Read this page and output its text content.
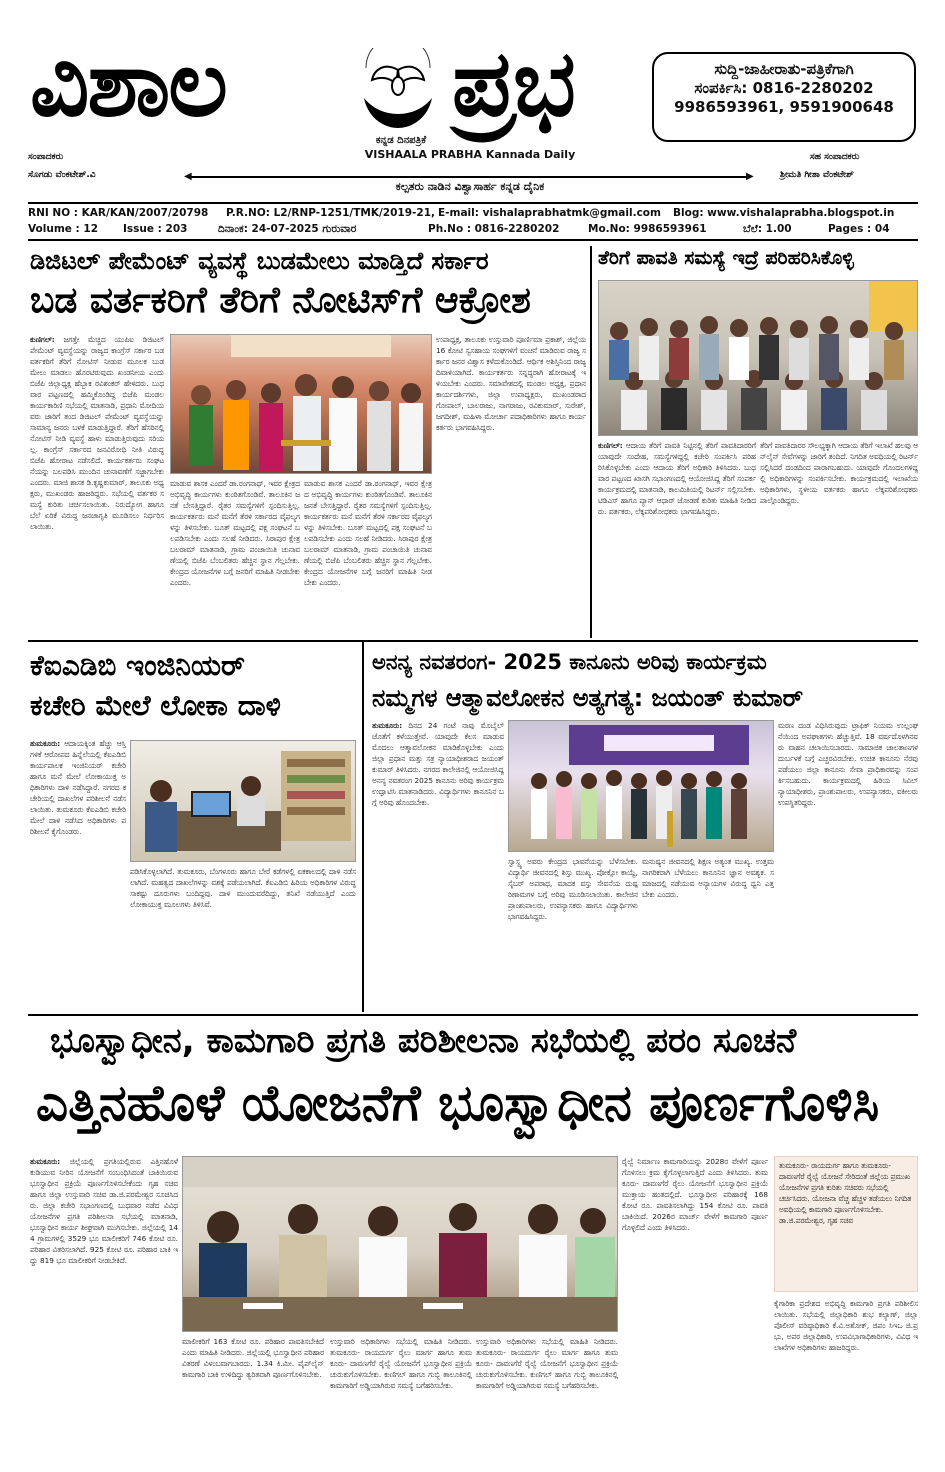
ವಿಶಾಲ
ಕನ್ನಡ ದಿನಪತ್ರಿಕೆ
ಪ್ರಭ	ಸುದ್ದಿ-ಜಾಹೀರಾತು-ಪತ್ರಿಕೆಗಾಗಿ
ಸಂಪರ್ಕಿಸಿ: 0816-2280202
9986593961, 9591900648
VISHAALA PRABHA Kannada Daily
ಸಂಪಾದಕರು
ಸೊಗಡು ವೆಂಕಟೇಶ್.ವಿ
ಸಹ ಸಂಪಾದಕರು
ಶ್ರೀಮತಿ ಗೀತಾ ವೆಂಕಟೇಶ್
◀	▶
ಕಲ್ಪತರು ನಾಡಿನ ವಿಶ್ವಾಸಾರ್ಹ ಕನ್ನಡ ದೈನಿಕ
RNI NO : KAR/KAN/2007/20798 P.R.NO: L2/RNP-1251/TMK/2019-21, E-mail: vishalaprabhatmk@gmail.com Blog: www.vishalaprabha.blogspot.in
Volume : 12 Issue : 203	ದಿನಾಂಕ: 24-07-2025 ಗುರುವಾರ	Ph.No : 0816-2280202	Mo.No: 9986593961	ಬೆಲೆ: 1.00	Pages : 04
ಡಿಜಿಟಲ್ ಪೇಮೆಂಟ್ ವ್ಯವಸ್ಥೆ ಬುಡಮೇಲು ಮಾಡ್ತಿದೆ ಸರ್ಕಾರ
ಬಡ ವರ್ತಕರಿಗೆ ತೆರಿಗೆ ನೋಟಿಸ್‌ಗೆ ಆಕ್ರೋಶ
ಕುಣಿಗಲ್: ಜಗತ್ತೇ ಮೆಚ್ಚಿದ ಯುಪಿಐ ಡಿಜಿಟಲ್ ಪೇಮೆಂಟ್ ವ್ಯವಸ್ಥೆಯನ್ನು ರಾಜ್ಯದ ಕಾಂಗ್ರೆಸ್ ಸರ್ಕಾರ ಬಡ ವರ್ತಕರಿಗೆ ತೆರಿಗೆ ನೋಟಿಸ್ ನೀಡುವ ಮೂಲಕ ಬುಡಮೇಲು ಮಾಡಲು ಹೊರಟಿರುವುದು ಖಂಡನೀಯ ಎಂದು ಬಿಜೆಪಿ ಜಿಲ್ಲಾಧ್ಯಕ್ಷ ಹೆಬ್ಬಾಕ ರವಿಶಂಕರ್ ಹೇಳಿದರು. ಬುಧವಾರ ಪಟ್ಟಣದಲ್ಲಿ ಹಮ್ಮಿಕೊಂಡಿದ್ದ ಬಿಜೆಪಿ ಮಂಡಲ ಕಾರ್ಯಕಾರಿಣಿ ಸಭೆಯಲ್ಲಿ ಮಾತನಾಡಿ, ಪ್ರಧಾನಿ ಮೋದಿಯವರು ಜಾರಿಗೆ ತಂದ ಡಿಜಿಟಲ್ ಪೇಮೆಂಟ್ ವ್ಯವಸ್ಥೆಯನ್ನು ಸಾಮಾನ್ಯ ಜನರು ಬಳಕೆ ಮಾಡುತ್ತಿದ್ದಾರೆ. ತೆರಿಗೆ ಹೆಸರಿನಲ್ಲಿ ನೋಟಿಸ್ ನೀಡಿ ವ್ಯವಸ್ಥೆ ಹಾಳು ಮಾಡುತ್ತಿರುವುದು ಸರಿಯಲ್ಲ. ಕಾಂಗ್ರೆಸ್ ಸರ್ಕಾರದ ಜನವಿರೋಧಿ ನೀತಿ ವಿರುದ್ಧ ಬಿಜೆಪಿ ಹೋರಾಟ ನಡೆಸಲಿದೆ. ಕಾರ್ಯಕರ್ತರು ಸಂಘಟನೆಯನ್ನು ಬಲಪಡಿಸಿ ಮುಂದಿನ ಚುನಾವಣೆಗೆ ಸಜ್ಜಾಗಬೇಕು ಎಂದರು. ಮಾಜಿ ಶಾಸಕ ಡಿ.ಕೃಷ್ಣಕುಮಾರ್, ತಾಲೂಕು ಅಧ್ಯಕ್ಷರು, ಮುಖಂಡರು ಹಾಜರಿದ್ದರು. ಸಭೆಯಲ್ಲಿ ವರ್ತಕರ ಸಮಸ್ಯೆ ಕುರಿತು ಚರ್ಚಿಸಲಾಯಿತು. ನಿರುದ್ಯೋಗ ಹಾಗೂ ಬೆಲೆ ಏರಿಕೆ ವಿರುದ್ಧ ಜನಜಾಗೃತಿ ಮೂಡಿಸಲು ನಿರ್ಧರಿಸಲಾಯಿತು.
ಮಾಡುವ ಶಾಸಕ ಎಂದರೆ ಡಾ.ರಂಗನಾಥ್, ಇವರ ಕ್ಷೇತ್ರದ ಅಭಿವೃದ್ಧಿ ಕಾರ್ಯಗಳು ಕುಂಠಿತಗೊಂಡಿವೆ. ತಾಲೂಕಿನ ಜನತೆ ಬೇಸತ್ತಿದ್ದಾರೆ. ರೈತರ ಸಮಸ್ಯೆಗಳಿಗೆ ಸ್ಪಂದಿಸುತ್ತಿಲ್ಲ. ಕಾರ್ಯಕರ್ತರು ಮನೆ ಮನೆಗೆ ತೆರಳಿ ಸರ್ಕಾರದ ವೈಫಲ್ಯಗಳನ್ನು ತಿಳಿಸಬೇಕು. ಬೂತ್ ಮಟ್ಟದಲ್ಲಿ ಪಕ್ಷ ಸಂಘಟನೆ ಬಲಪಡಿಸಬೇಕು ಎಂದು ಸಲಹೆ ನೀಡಿದರು. ಸಿರಾಪುರ ಕ್ಷೇತ್ರ ಬಲರಾಮ್ ಮಾತನಾಡಿ, ಗ್ರಾಮ ಪಂಚಾಯಿತಿ ಚುನಾವಣೆಯಲ್ಲಿ ಬಿಜೆಪಿ ಬೆಂಬಲಿತರು ಹೆಚ್ಚಿನ ಸ್ಥಾನ ಗೆಲ್ಲಬೇಕು. ಕೇಂದ್ರದ ಯೋಜನೆಗಳ ಬಗ್ಗೆ ಜನರಿಗೆ ಮಾಹಿತಿ ನೀಡಬೇಕು ಎಂದರು.
ಮಾಡುವ ಶಾಸಕ ಎಂದರೆ ಡಾ.ರಂಗನಾಥ್, ಇವರ ಕ್ಷೇತ್ರದ ಅಭಿವೃದ್ಧಿ ಕಾರ್ಯಗಳು ಕುಂಠಿತಗೊಂಡಿವೆ. ತಾಲೂಕಿನ ಜನತೆ ಬೇಸತ್ತಿದ್ದಾರೆ. ರೈತರ ಸಮಸ್ಯೆಗಳಿಗೆ ಸ್ಪಂದಿಸುತ್ತಿಲ್ಲ. ಕಾರ್ಯಕರ್ತರು ಮನೆ ಮನೆಗೆ ತೆರಳಿ ಸರ್ಕಾರದ ವೈಫಲ್ಯಗಳನ್ನು ತಿಳಿಸಬೇಕು. ಬೂತ್ ಮಟ್ಟದಲ್ಲಿ ಪಕ್ಷ ಸಂಘಟನೆ ಬಲಪಡಿಸಬೇಕು ಎಂದು ಸಲಹೆ ನೀಡಿದರು. ಸಿರಾಪುರ ಕ್ಷೇತ್ರ ಬಲರಾಮ್ ಮಾತನಾಡಿ, ಗ್ರಾಮ ಪಂಚಾಯಿತಿ ಚುನಾವಣೆಯಲ್ಲಿ ಬಿಜೆಪಿ ಬೆಂಬಲಿತರು ಹೆಚ್ಚಿನ ಸ್ಥಾನ ಗೆಲ್ಲಬೇಕು. ಕೇಂದ್ರದ ಯೋಜನೆಗಳ ಬಗ್ಗೆ ಜನರಿಗೆ ಮಾಹಿತಿ ನೀಡಬೇಕು ಎಂದರು.
ಉಪಾಧ್ಯಕ್ಷ, ತಾಲೂಕು ಉಸ್ತುವಾರಿ ಪೂರ್ಣಿಮಾ ಪ್ರಕಾಶ್, ಜಿಲ್ಲೆಯ 16 ಕೋಟಿ ಸ್ವಸಹಾಯ ಸಂಘಗಳಿಗೆ ವಂಚನೆ ಮಾಡಿರುವ ರಾಜ್ಯ ಸರ್ಕಾರ ಜನರ ವಿಶ್ವಾಸ ಕಳೆದುಕೊಂಡಿದೆ. ಆರ್ಥಿಕ ಅಶಿಸ್ತಿನಿಂದ ರಾಜ್ಯ ದಿವಾಳಿಯಾಗಿದೆ. ಕಾರ್ಯಕರ್ತರು ಸನ್ನದ್ಧರಾಗಿ ಹೋರಾಟಕ್ಕೆ ಇಳಿಯಬೇಕು ಎಂದರು. ಸಮಾವೇಶದಲ್ಲಿ ಮಂಡಲ ಅಧ್ಯಕ್ಷ, ಪ್ರಧಾನ ಕಾರ್ಯದರ್ಶಿಗಳು, ಜಿಲ್ಲಾ ಉಪಾಧ್ಯಕ್ಷರು, ಮುಖಂಡರಾದ ಗೋಪಾಲ್, ಬಾಲರಾಜು, ನಾಗರಾಜು, ರವಿಕುಮಾರ್, ಸುರೇಶ್, ಜಗದೀಶ್, ಮಹಿಳಾ ಮೋರ್ಚಾ ಪದಾಧಿಕಾರಿಗಳು ಹಾಗೂ ಕಾರ್ಯಕರ್ತರು ಭಾಗವಹಿಸಿದ್ದರು.
ತೆರಿಗೆ ಪಾವತಿ ಸಮಸ್ಯೆ ಇದ್ರೆ ಪರಿಹರಿಸಿಕೊಳ್ಳಿ
ಕುಣಿಗಲ್: ಆದಾಯ ತೆರಿಗೆ ಪಾವತಿ ನಿಟ್ಟಿನಲ್ಲಿ ತೆರಿಗೆ ಪಾವತಿದಾರರಿಗೆ ಯಾವುದೇ ಸಂದೇಹ, ಸಮಸ್ಯೆಗಳಿದ್ದಲ್ಲಿ ಕಚೇರಿ ಸಂಪರ್ಕಿಸಿ ಪರಿಹರಿಸಿಕೊಳ್ಳಬೇಕು ಎಂದು ಆದಾಯ ತೆರಿಗೆ ಅಧಿಕಾರಿ ತಿಳಿಸಿದರು. ಬುಧವಾರ ಪಟ್ಟಣದ ಖಾಸಗಿ ಸಭಾಂಗಣದಲ್ಲಿ ಆಯೋಜಿಸಿದ್ದ ತೆರಿಗೆ ಸಂಪರ್ಕ ಕಾರ್ಯಕ್ರಮದಲ್ಲಿ ಮಾತನಾಡಿ, ಕಾಲಮಿತಿಯಲ್ಲಿ ರಿಟರ್ನ್ ಸಲ್ಲಿಸಬೇಕು. ಟಿಡಿಎಸ್ ಹಾಗೂ ಪ್ಯಾನ್ ಆಧಾರ್ ಜೋಡಣೆ ಕುರಿತು ಮಾಹಿತಿ ನೀಡಿದರು. ವರ್ತಕರು, ಲೆಕ್ಕಪರಿಶೋಧಕರು ಭಾಗವಹಿಸಿದ್ದರು.
ತೆರಿಗೆ ಪಾವತಿದಾರರ ಸೌಲಭ್ಯಕ್ಕಾಗಿ ಆದಾಯ ತೆರಿಗೆ ಇಲಾಖೆ ಹಲವು ಆನ್‌ಲೈನ್ ಸೇವೆಗಳನ್ನು ಜಾರಿಗೆ ತಂದಿದೆ. ನಿಗದಿತ ಅವಧಿಯಲ್ಲಿ ರಿಟರ್ನ್ ಸಲ್ಲಿಸಿದರೆ ದಂಡದಿಂದ ಪಾರಾಗಬಹುದು. ಯಾವುದೇ ಗೊಂದಲಗಳಿದ್ದಲ್ಲಿ ಅಧಿಕಾರಿಗಳನ್ನು ಸಂಪರ್ಕಿಸಬೇಕು. ಕಾರ್ಯಕ್ರಮದಲ್ಲಿ ಇಲಾಖೆಯ ಅಧಿಕಾರಿಗಳು, ಸ್ಥಳೀಯ ವರ್ತಕರು ಹಾಗೂ ಲೆಕ್ಕಪರಿಶೋಧಕರು ಪಾಲ್ಗೊಂಡಿದ್ದರು.
ಕೆಐಎಡಿಬಿ ಇಂಜಿನಿಯರ್
ಕಚೇರಿ ಮೇಲೆ ಲೋಕಾ ದಾಳಿ
ತುಮಕೂರು: ಆದಾಯಕ್ಕಿಂತ ಹೆಚ್ಚು ಆಸ್ತಿ ಗಳಿಕೆ ಆರೋಪದ ಹಿನ್ನೆಲೆಯಲ್ಲಿ ಕೆಐಎಡಿಬಿ ಕಾರ್ಯಪಾಲಕ ಇಂಜಿನಿಯರ್ ಕಚೇರಿ ಹಾಗೂ ಮನೆ ಮೇಲೆ ಲೋಕಾಯುಕ್ತ ಅಧಿಕಾರಿಗಳು ದಾಳಿ ನಡೆಸಿದ್ದಾರೆ. ನಗರದ ಕಚೇರಿಯಲ್ಲಿ ದಾಖಲೆಗಳ ಪರಿಶೀಲನೆ ನಡೆಸಲಾಯಿತು. ತುಮಕೂರು ಕೆಐಎಡಿಬಿ ಕಚೇರಿ ಮೇಲೆ ದಾಳಿ ನಡೆಸಿದ ಅಧಿಕಾರಿಗಳು ಪರಿಶೀಲನೆ ಕೈಗೊಂಡರು.
ಪಡಿಸಿಕೊಳ್ಳಲಾಗಿದೆ. ತುಮಕೂರು, ಬೆಂಗಳೂರು ಹಾಗೂ ಬೇರೆ ಕಡೆಗಳಲ್ಲಿ ಏಕಕಾಲದಲ್ಲಿ ದಾಳಿ ನಡೆಸಲಾಗಿದೆ. ಮಹತ್ವದ ದಾಖಲೆಗಳನ್ನು ವಶಕ್ಕೆ ಪಡೆಯಲಾಗಿದೆ. ಕೆಐಎಡಿಬಿ ಹಿರಿಯ ಅಧಿಕಾರಿಗಳ ವಿರುದ್ಧ ಸಾಕಷ್ಟು ದೂರುಗಳು ಬಂದಿದ್ದವು. ದಾಳಿ ಮುಂದುವರೆದಿದ್ದು, ತನಿಖೆ ನಡೆಯುತ್ತಿದೆ ಎಂದು ಲೋಕಾಯುಕ್ತ ಮೂಲಗಳು ತಿಳಿಸಿವೆ.
ಅನನ್ಯ ನವತರಂಗ- 2025 ಕಾನೂನು ಅರಿವು ಕಾರ್ಯಕ್ರಮ
ನಮ್ಮಗಳ ಆತ್ಮಾವಲೋಕನ ಅತ್ಯಗತ್ಯ: ಜಯಂತ್ ಕುಮಾರ್
ತುಮಕೂರು: ದಿನದ 24 ಗಂಟೆ ನಾವು ಮೊಬೈಲ್ ಜೊತೆಗೆ ಕಳೆಯುತ್ತೇವೆ. ಯಾವುದೇ ಕೆಲಸ ಮಾಡುವ ಮೊದಲು ಆತ್ಮಾವಲೋಕನ ಮಾಡಿಕೊಳ್ಳಬೇಕು ಎಂದು ಜಿಲ್ಲಾ ಪ್ರಧಾನ ಮತ್ತು ಸತ್ರ ನ್ಯಾಯಾಧೀಶರಾದ ಜಯಂತ್ ಕುಮಾರ್ ತಿಳಿಸಿದರು. ನಗರದ ಕಾಲೇಜಿನಲ್ಲಿ ಆಯೋಜಿಸಿದ್ದ ಅನನ್ಯ ನವತರಂಗ 2025 ಕಾನೂನು ಅರಿವು ಕಾರ್ಯಕ್ರಮ ಉದ್ಘಾಟಿಸಿ ಮಾತನಾಡಿದರು. ವಿದ್ಯಾರ್ಥಿಗಳು ಕಾನೂನಿನ ಬಗ್ಗೆ ಅರಿವು ಹೊಂದಬೇಕು.
ಸ್ವಾಸ್ಥ್ಯ ಅವರು ಕೇಂದ್ರದ ಭಾವನೆಯನ್ನು ಬೆಳೆಸಬೇಕು. ವಿದ್ಯಾರ್ಥಿ ಜೀವನದಲ್ಲಿ ಶಿಸ್ತು ಮುಖ್ಯ. ಪೋಕ್ಸೋ ಕಾಯ್ದೆ, ಸೈಬರ್ ಅಪರಾಧ, ಮಾದಕ ವಸ್ತು ಸೇವನೆಯ ದುಷ್ಪರಿಣಾಮಗಳ ಬಗ್ಗೆ ಅರಿವು ಮೂಡಿಸಲಾಯಿತು. ಕಾಲೇಜಿನ ಪ್ರಾಂಶುಪಾಲರು, ಉಪನ್ಯಾಸಕರು ಹಾಗೂ ವಿದ್ಯಾರ್ಥಿಗಳು ಭಾಗವಹಿಸಿದ್ದರು.
ಮನುಷ್ಯನ ಜೀವನದಲ್ಲಿ ಶಿಕ್ಷಣ ಅತ್ಯಂತ ಮುಖ್ಯ. ಉತ್ತಮ ನಾಗರಿಕರಾಗಿ ಬೆಳೆಯಲು ಕಾನೂನಿನ ಜ್ಞಾನ ಅವಶ್ಯಕ. ಸಮಾಜದಲ್ಲಿ ನಡೆಯುವ ಅನ್ಯಾಯಗಳ ವಿರುದ್ಧ ಧ್ವನಿ ಎತ್ತಬೇಕು ಎಂದರು.
ಮರಣ ದಂಡ ವಿಧಿಸಿರುವುದು ಟ್ರಾಫಿಕ್ ನಿಯಮ ಉಲ್ಲಂಘನೆಯಿಂದ ಅಪಘಾತಗಳು ಹೆಚ್ಚುತ್ತಿವೆ. 18 ವರ್ಷದೊಳಗಿನವರು ವಾಹನ ಚಲಾಯಿಸಬಾರದು. ಸಾಮಾಜಿಕ ಜಾಲತಾಣಗಳ ದುರ್ಬಳಕೆ ಬಗ್ಗೆ ಎಚ್ಚರವಿರಬೇಕು. ಉಚಿತ ಕಾನೂನು ನೆರವು ಪಡೆಯಲು ಜಿಲ್ಲಾ ಕಾನೂನು ಸೇವಾ ಪ್ರಾಧಿಕಾರವನ್ನು ಸಂಪರ್ಕಿಸಬಹುದು. ಕಾರ್ಯಕ್ರಮದಲ್ಲಿ ಹಿರಿಯ ಸಿವಿಲ್ ನ್ಯಾಯಾಧೀಶರು, ಪ್ರಾಂಶುಪಾಲರು, ಉಪನ್ಯಾಸಕರು, ವಕೀಲರು ಉಪಸ್ಥಿತರಿದ್ದರು.
ಭೂಸ್ವಾಧೀನ, ಕಾಮಗಾರಿ ಪ್ರಗತಿ ಪರಿಶೀಲನಾ ಸಭೆಯಲ್ಲಿ ಪರಂ ಸೂಚನೆ
ಎತ್ತಿನಹೊಳೆ ಯೋಜನೆಗೆ ಭೂಸ್ವಾಧೀನ ಪೂರ್ಣಗೊಳಿಸಿ
ತುಮಕೂರು: ಜಿಲ್ಲೆಯಲ್ಲಿ ಪ್ರಗತಿಯಲ್ಲಿರುವ ಎತ್ತಿನಹೊಳೆ ಕುಡಿಯುವ ನೀರಿನ ಯೋಜನೆಗೆ ಸಂಬಂಧಿಸಿದಂತೆ ಬಾಕಿಯಿರುವ ಭೂಸ್ವಾಧೀನ ಪ್ರಕ್ರಿಯೆ ಪೂರ್ಣಗೊಳಿಸಬೇಕೆಂದು ಗೃಹ ಸಚಿವ ಹಾಗೂ ಜಿಲ್ಲಾ ಉಸ್ತುವಾರಿ ಸಚಿವ ಡಾ.ಜಿ.ಪರಮೇಶ್ವರ ಸೂಚಿಸಿದರು. ಜಿಲ್ಲಾ ಕಚೇರಿ ಸಭಾಂಗಣದಲ್ಲಿ ಬುಧವಾರ ನಡೆದ ವಿವಿಧ ಯೋಜನೆಗಳ ಪ್ರಗತಿ ಪರಿಶೀಲನಾ ಸಭೆಯಲ್ಲಿ ಮಾತನಾಡಿ, ಭೂಸ್ವಾಧೀನ ಕಾರ್ಯ ಶೀಘ್ರವಾಗಿ ಮುಗಿಸಬೇಕು. ಜಿಲ್ಲೆಯಲ್ಲಿ 144 ಗ್ರಾಮಗಳಲ್ಲಿ 3529 ಭೂ ಮಾಲೀಕರಿಗೆ 746 ಕೋಟಿ ರೂ. ಪರಿಹಾರ ವಿತರಿಸಲಾಗಿದೆ. 925 ಕೋಟಿ ರೂ. ಪರಿಹಾರ ಬಾಕಿ ಇದ್ದು 819 ಭೂ ಮಾಲೀಕರಿಗೆ ನೀಡಬೇಕಿದೆ.
ಮಾಲೀಕರಿಗೆ 163 ಕೋಟಿ ರೂ. ಪರಿಹಾರ ಪಾವತಿಸಬೇಕಿದೆ ಎಂದು ಮಾಹಿತಿ ನೀಡಿದರು. ಜಿಲ್ಲೆಯಲ್ಲಿ ಭೂಸ್ವಾಧೀನ ಪರಿಹಾರ ವಿತರಣೆ ವಿಳಂಬವಾಗಬಾರದು. 1.34 ಕಿ.ಮೀ. ಪೈಪ್‌ಲೈನ್ ಕಾಮಗಾರಿ ಬಾಕಿ ಉಳಿದಿದ್ದು ತ್ವರಿತವಾಗಿ ಪೂರ್ಣಗೊಳಿಸಬೇಕು.
ಉಸ್ತುವಾರಿ ಅಧಿಕಾರಿಗಳು ಸಭೆಯಲ್ಲಿ ಮಾಹಿತಿ ನೀಡಿದರು. ತುಮಕೂರು- ರಾಯದುರ್ಗ ರೈಲು ಮಾರ್ಗ ಹಾಗೂ ತುಮಕೂರು- ದಾವಣಗೆರೆ ರೈಲ್ವೆ ಯೋಜನೆಗೆ ಭೂಸ್ವಾಧೀನ ಪ್ರಕ್ರಿಯೆ ಚುರುಕುಗೊಳಿಸಬೇಕು. ಕುಣಿಗಲ್ ಹಾಗೂ ಗುಬ್ಬಿ ತಾಲೂಕಿನಲ್ಲಿ ಕಾಮಗಾರಿಗೆ ಅಡ್ಡಿಯಾಗಿರುವ ಸಮಸ್ಯೆ ಬಗೆಹರಿಸಬೇಕು.
ಉಸ್ತುವಾರಿ ಅಧಿಕಾರಿಗಳು ಸಭೆಯಲ್ಲಿ ಮಾಹಿತಿ ನೀಡಿದರು. ತುಮಕೂರು- ರಾಯದುರ್ಗ ರೈಲು ಮಾರ್ಗ ಹಾಗೂ ತುಮಕೂರು- ದಾವಣಗೆರೆ ರೈಲ್ವೆ ಯೋಜನೆಗೆ ಭೂಸ್ವಾಧೀನ ಪ್ರಕ್ರಿಯೆ ಚುರುಕುಗೊಳಿಸಬೇಕು. ಕುಣಿಗಲ್ ಹಾಗೂ ಗುಬ್ಬಿ ತಾಲೂಕಿನಲ್ಲಿ ಕಾಮಗಾರಿಗೆ ಅಡ್ಡಿಯಾಗಿರುವ ಸಮಸ್ಯೆ ಬಗೆಹರಿಸಬೇಕು.
ರೈಲ್ವೆ ನಿರ್ಮಾಣ ಕಾಮಗಾರಿಯನ್ನು 2028ರ ವೇಳೆಗೆ ಪೂರ್ಣಗೊಳಿಸಲು ಕ್ರಮ ಕೈಗೊಳ್ಳಲಾಗುತ್ತಿದೆ ಎಂದು ತಿಳಿಸಿದರು. ತುಮಕೂರು- ದಾವಣಗೆರೆ ರೈಲು ಯೋಜನೆಗೆ ಭೂಸ್ವಾಧೀನ ಪ್ರಕ್ರಿಯೆ ಮುಕ್ತಾಯ ಹಂತದಲ್ಲಿದೆ. ಭೂಸ್ವಾಧೀನ ಪರಿಹಾರಕ್ಕೆ 168 ಕೋಟಿ ರೂ. ಪಾವತಿಸಲಾಗಿದ್ದು 154 ಕೋಟಿ ರೂ. ಪಾವತಿ ಬಾಕಿಯಿದೆ. 2026ರ ಮಾರ್ಚ್ ವೇಳೆಗೆ ಕಾಮಗಾರಿ ಪೂರ್ಣಗೊಳ್ಳಲಿದೆ ಎಂದು ತಿಳಿಸಿದರು.
ತುಮಕೂರು- ರಾಯದುರ್ಗ ಹಾಗೂ ತುಮಕೂರು- ದಾವಣಗೆರೆ ರೈಲ್ವೆ ಯೋಜನೆ ಸೇರಿದಂತೆ ಜಿಲ್ಲೆಯ ಪ್ರಮುಖ ಯೋಜನೆಗಳ ಪ್ರಗತಿ ಕುರಿತು ಸಚಿವರು ಸಭೆಯಲ್ಲಿ ಚರ್ಚಿಸಿದರು. ಯೋಜನಾ ವೆಚ್ಚ ಹೆಚ್ಚಳ ತಡೆಯಲು ನಿಗದಿತ ಅವಧಿಯಲ್ಲಿ ಕಾಮಗಾರಿ ಪೂರ್ಣಗೊಳಿಸಬೇಕು. ಡಾ.ಜಿ.ಪರಮೇಶ್ವರ, ಗೃಹ ಸಚಿವ
ಕೈಗಾರಿಕಾ ಪ್ರದೇಶದ ಅಭಿವೃದ್ಧಿ ಕಾಮಗಾರಿ ಪ್ರಗತಿ ಪರಿಶೀಲಿಸಲಾಯಿತು. ಸಭೆಯಲ್ಲಿ ಜಿಲ್ಲಾಧಿಕಾರಿ ಶುಭ ಕಲ್ಯಾಣ್, ಜಿಲ್ಲಾ ಪೊಲೀಸ್ ವರಿಷ್ಠಾಧಿಕಾರಿ ಕೆ.ವಿ.ಅಶೋಕ್, ಜಿಪಂ ಸಿಇಒ ಜಿ.ಪ್ರಭು, ಅಪರ ಜಿಲ್ಲಾಧಿಕಾರಿ, ಉಪವಿಭಾಗಾಧಿಕಾರಿಗಳು, ವಿವಿಧ ಇಲಾಖೆಗಳ ಅಧಿಕಾರಿಗಳು ಹಾಜರಿದ್ದರು.
